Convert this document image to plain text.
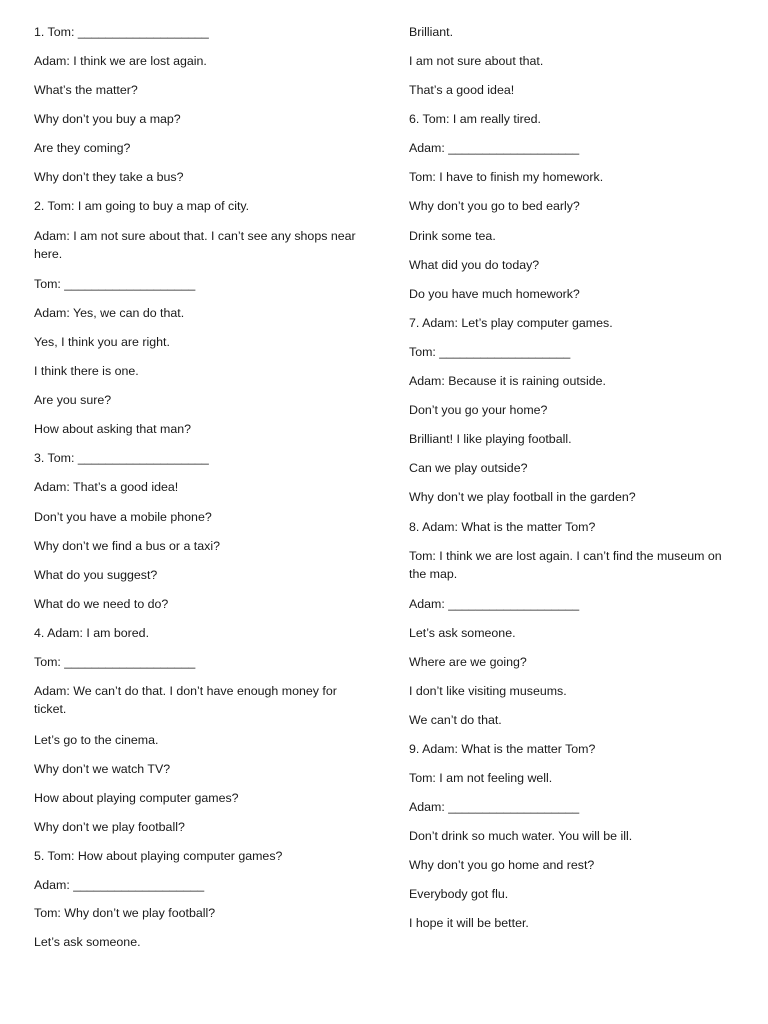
1. Tom: ___________________

Adam: I think we are lost again.

What’s the matter?

Why don’t you buy a map?

Are they coming?

Why don’t they take a bus?

2. Tom: I am going to buy a map of city.

Adam: I am not sure about that. I can’t see any shops near here.

Tom: ___________________

Adam: Yes, we can do that.

Yes, I think you are right.

I think there is one.

Are you sure?

How about asking that man?

3. Tom: ___________________

Adam: That’s a good idea!

Don’t you have a mobile phone?

Why don’t we find a bus or a taxi?

What do you suggest?

What do we need to do?

4. Adam: I am bored.

Tom: ___________________

Adam: We can’t do that. I don’t have enough money for ticket.

Let’s go to the cinema.

Why don’t we watch TV?

How about playing computer games?

Why don’t we play football?

5. Tom: How about playing computer games?

Adam: ___________________

Tom: Why don’t we play football?

Let’s ask someone.

Brilliant.

I am not sure about that.

That’s a good idea!

6. Tom: I am really tired.

Adam: ___________________

Tom: I have to finish my homework.

Why don’t you go to bed early?

Drink some tea.

What did you do today?

Do you have much homework?

7. Adam: Let’s play computer games.

Tom: ___________________

Adam: Because it is raining outside.

Don’t you go your home?

Brilliant! I like playing football.

Can we play outside?

Why don’t we play football in the garden?

8. Adam: What is the matter Tom?

Tom: I think we are lost again. I can’t find the museum on the map.

Adam: ___________________

Let’s ask someone.

Where are we going?

I don’t like visiting museums.

We can’t do that.

9. Adam: What is the matter Tom?

Tom: I am not feeling well.

Adam: ___________________

Don’t drink so much water. You will be ill.

Why don’t you go home and rest?

Everybody got flu.

I hope it will be better.
